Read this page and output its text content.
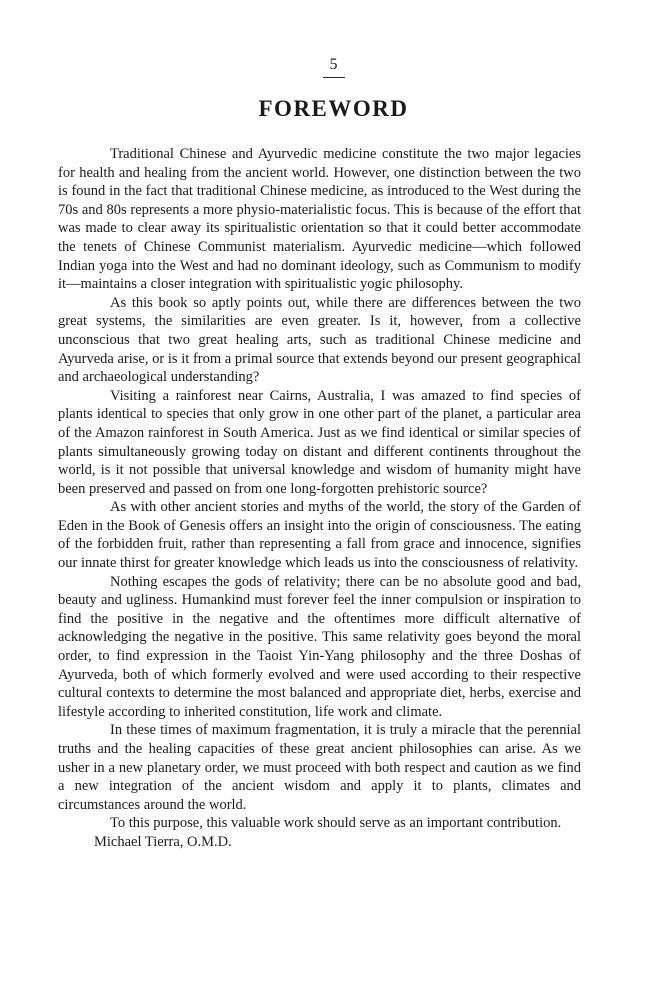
5
FOREWORD

Traditional Chinese and Ayurvedic medicine constitute the two major legacies for health and healing from the ancient world. However, one distinction between the two is found in the fact that traditional Chinese medicine, as introduced to the West during the 70s and 80s represents a more physio-materialistic focus. This is because of the effort that was made to clear away its spiritualistic orientation so that it could better accommodate the tenets of Chinese Communist materialism. Ayurvedic medicine—which followed Indian yoga into the West and had no dominant ideology, such as Communism to modify it—maintains a closer integration with spiritualistic yogic philosophy.

As this book so aptly points out, while there are differences between the two great systems, the similarities are even greater. Is it, however, from a collective unconscious that two great healing arts, such as traditional Chinese medicine and Ayurveda arise, or is it from a primal source that extends beyond our present geographical and archaeological understanding?

Visiting a rainforest near Cairns, Australia, I was amazed to find species of plants identical to species that only grow in one other part of the planet, a particular area of the Amazon rainforest in South America. Just as we find identical or similar species of plants simultaneously growing today on distant and different continents throughout the world, is it not possible that universal knowledge and wisdom of humanity might have been preserved and passed on from one long-forgotten prehistoric source?

As with other ancient stories and myths of the world, the story of the Garden of Eden in the Book of Genesis offers an insight into the origin of consciousness. The eating of the forbidden fruit, rather than representing a fall from grace and innocence, signifies our innate thirst for greater knowledge which leads us into the consciousness of relativity.

Nothing escapes the gods of relativity; there can be no absolute good and bad, beauty and ugliness. Humankind must forever feel the inner compulsion or inspiration to find the positive in the negative and the oftentimes more difficult alternative of acknowledging the negative in the positive. This same relativity goes beyond the moral order, to find expression in the Taoist Yin-Yang philosophy and the three Doshas of Ayurveda, both of which formerly evolved and were used according to their respective cultural contexts to determine the most balanced and appropriate diet, herbs, exercise and lifestyle according to inherited constitution, life work and climate.

In these times of maximum fragmentation, it is truly a miracle that the perennial truths and the healing capacities of these great ancient philosophies can arise. As we usher in a new planetary order, we must proceed with both respect and caution as we find a new integration of the ancient wisdom and apply it to plants, climates and circumstances around the world.

To this purpose, this valuable work should serve as an important contribution.

Michael Tierra, O.M.D.
